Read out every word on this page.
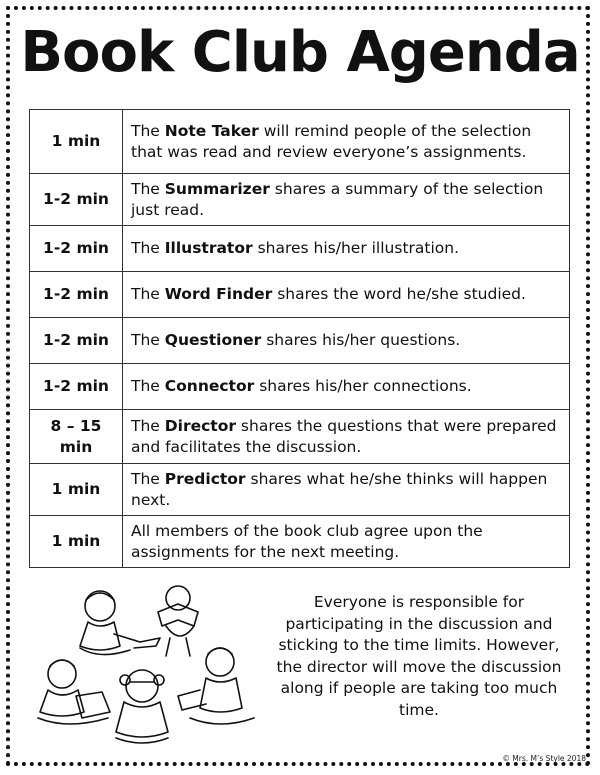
Book Club Agenda
1 min	The Note Taker will remind people of the selection that was read and review everyone’s assignments.
1-2 min	The Summarizer shares a summary of the selection just read.
1-2 min	The Illustrator shares his/her illustration.
1-2 min	The Word Finder shares the word he/she studied.
1-2 min	The Questioner shares his/her questions.
1-2 min	The Connector shares his/her connections.
8 – 15 min	The Director shares the questions that were prepared and facilitates the discussion.
1 min	The Predictor shares what he/she thinks will happen next.
1 min	All members of the book club agree upon the assignments for the next meeting.
Everyone is responsible for participating in the discussion and sticking to the time limits. However, the director will move the discussion along if people are taking too much time.
© Mrs. M’s Style 2018
